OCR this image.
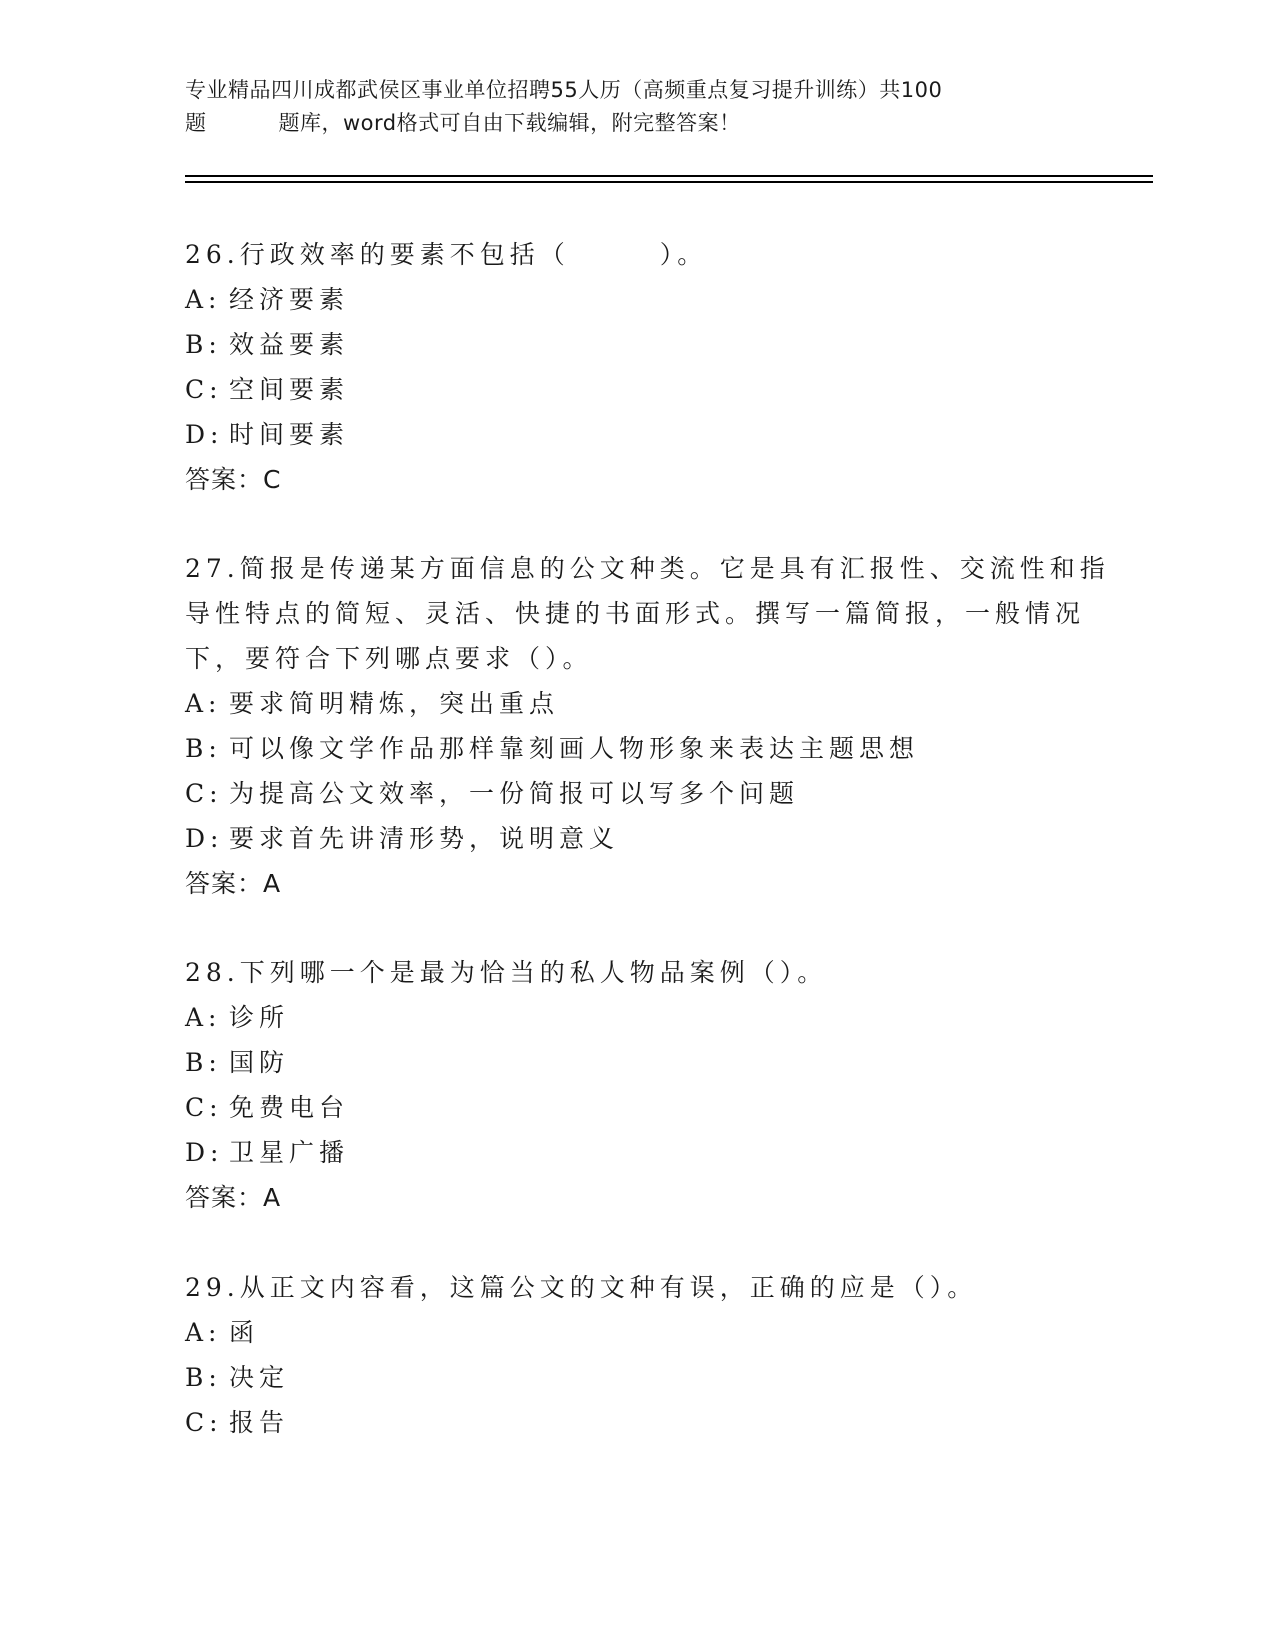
专业精品四川成都武侯区事业单位招聘55人历（高频重点复习提升训练）共100
题	题库，word格式可自由下载编辑，附完整答案！
26.行政效率的要素不包括（　　　）。
A: 经济要素
B: 效益要素
C: 空间要素
D: 时间要素
答案：C
27.简报是传递某方面信息的公文种类。它是具有汇报性、交流性和指
导性特点的简短、灵活、快捷的书面形式。撰写一篇简报，一般情况
下，要符合下列哪点要求（）。
A: 要求简明精炼，突出重点
B: 可以像文学作品那样靠刻画人物形象来表达主题思想
C: 为提高公文效率，一份简报可以写多个问题
D: 要求首先讲清形势，说明意义
答案：A
28.下列哪一个是最为恰当的私人物品案例（）。
A: 诊所
B: 国防
C: 免费电台
D: 卫星广播
答案：A
29.从正文内容看，这篇公文的文种有误，正确的应是（）。
A: 函
B: 决定
C: 报告
